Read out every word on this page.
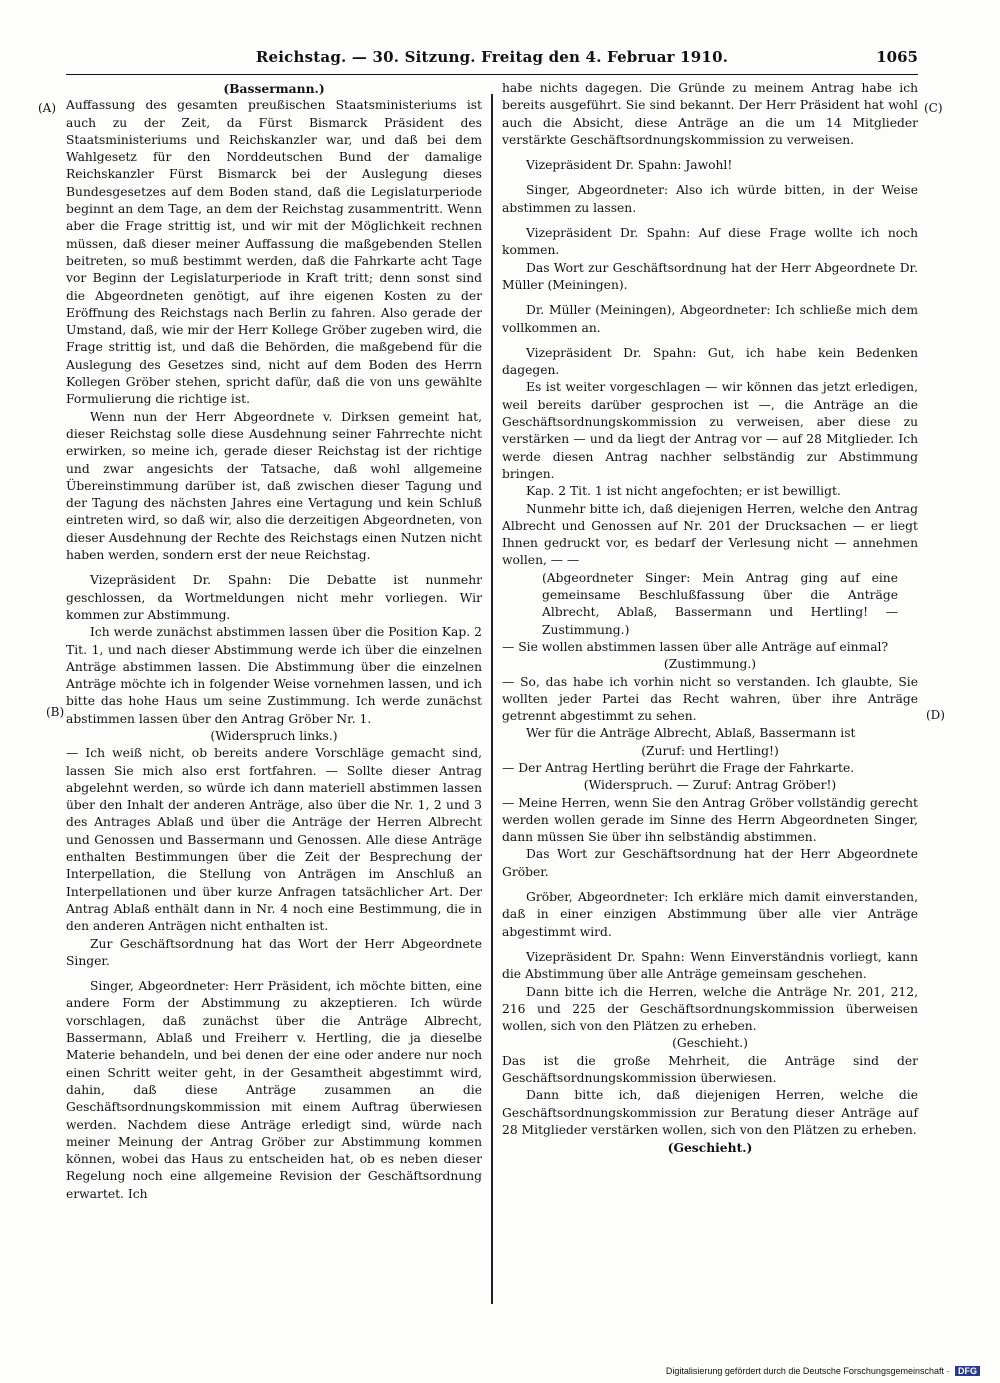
Reichstag. — 30. Sitzung. Freitag den 4. Februar 1910.	1065
(A)
(B)
(C)
(D)

(Bassermann.)

Auffassung des gesamten preußischen Staatsministeriums ist auch zu der Zeit, da Fürst Bismarck Präsident des Staatsministeriums und Reichskanzler war, und daß bei dem Wahlgesetz für den Norddeutschen Bund der damalige Reichskanzler Fürst Bismarck bei der Auslegung dieses Bundesgesetzes auf dem Boden stand, daß die Legislaturperiode beginnt an dem Tage, an dem der Reichstag zusammentritt. Wenn aber die Frage strittig ist, und wir mit der Möglichkeit rechnen müssen, daß dieser meiner Auffassung die maßgebenden Stellen beitreten, so muß bestimmt werden, daß die Fahrkarte acht Tage vor Beginn der Legislaturperiode in Kraft tritt; denn sonst sind die Abgeordneten genötigt, auf ihre eigenen Kosten zu der Eröffnung des Reichstags nach Berlin zu fahren. Also gerade der Umstand, daß, wie mir der Herr Kollege Gröber zugeben wird, die Frage strittig ist, und daß die Behörden, die maßgebend für die Auslegung des Gesetzes sind, nicht auf dem Boden des Herrn Kollegen Gröber stehen, spricht dafür, daß die von uns gewählte Formulierung die richtige ist.

Wenn nun der Herr Abgeordnete v. Dirksen gemeint hat, dieser Reichstag solle diese Ausdehnung seiner Fahrrechte nicht erwirken, so meine ich, gerade dieser Reichstag ist der richtige und zwar angesichts der Tatsache, daß wohl allgemeine Übereinstimmung darüber ist, daß zwischen dieser Tagung und der Tagung des nächsten Jahres eine Vertagung und kein Schluß eintreten wird, so daß wir, also die derzeitigen Abgeordneten, von dieser Ausdehnung der Rechte des Reichstags einen Nutzen nicht haben werden, sondern erst der neue Reichstag.

Vizepräsident Dr. Spahn: Die Debatte ist nunmehr geschlossen, da Wortmeldungen nicht mehr vorliegen. Wir kommen zur Abstimmung.

Ich werde zunächst abstimmen lassen über die Position Kap. 2 Tit. 1, und nach dieser Abstimmung werde ich über die einzelnen Anträge abstimmen lassen. Die Abstimmung über die einzelnen Anträge möchte ich in folgender Weise vornehmen lassen, und ich bitte das hohe Haus um seine Zustimmung. Ich werde zunächst abstimmen lassen über den Antrag Gröber Nr. 1.

(Widerspruch links.)

— Ich weiß nicht, ob bereits andere Vorschläge gemacht sind, lassen Sie mich also erst fortfahren. — Sollte dieser Antrag abgelehnt werden, so würde ich dann materiell abstimmen lassen über den Inhalt der anderen Anträge, also über die Nr. 1, 2 und 3 des Antrages Ablaß und über die Anträge der Herren Albrecht und Genossen und Bassermann und Genossen. Alle diese Anträge enthalten Bestimmungen über die Zeit der Besprechung der Interpellation, die Stellung von Anträgen im Anschluß an Interpellationen und über kurze Anfragen tatsächlicher Art. Der Antrag Ablaß enthält dann in Nr. 4 noch eine Bestimmung, die in den anderen Anträgen nicht enthalten ist.

Zur Geschäftsordnung hat das Wort der Herr Abgeordnete Singer.

Singer, Abgeordneter: Herr Präsident, ich möchte bitten, eine andere Form der Abstimmung zu akzeptieren. Ich würde vorschlagen, daß zunächst über die Anträge Albrecht, Bassermann, Ablaß und Freiherr v. Hertling, die ja dieselbe Materie behandeln, und bei denen der eine oder andere nur noch einen Schritt weiter geht, in der Gesamtheit abgestimmt wird, dahin, daß diese Anträge zusammen an die Geschäftsordnungskommission mit einem Auftrag überwiesen werden. Nachdem diese Anträge erledigt sind, würde nach meiner Meinung der Antrag Gröber zur Abstimmung kommen können, wobei das Haus zu entscheiden hat, ob es neben dieser Regelung noch eine allgemeine Revision der Geschäftsordnung erwartet. Ich

habe nichts dagegen. Die Gründe zu meinem Antrag habe ich bereits ausgeführt. Sie sind bekannt. Der Herr Präsident hat wohl auch die Absicht, diese Anträge an die um 14 Mitglieder verstärkte Geschäftsordnungskommission zu verweisen.

Vizepräsident Dr. Spahn: Jawohl!

Singer, Abgeordneter: Also ich würde bitten, in der Weise abstimmen zu lassen.

Vizepräsident Dr. Spahn: Auf diese Frage wollte ich noch kommen.

Das Wort zur Geschäftsordnung hat der Herr Abgeordnete Dr. Müller (Meiningen).

Dr. Müller (Meiningen), Abgeordneter: Ich schließe mich dem vollkommen an.

Vizepräsident Dr. Spahn: Gut, ich habe kein Bedenken dagegen.

Es ist weiter vorgeschlagen — wir können das jetzt erledigen, weil bereits darüber gesprochen ist —, die Anträge an die Geschäftsordnungskommission zu verweisen, aber diese zu verstärken — und da liegt der Antrag vor — auf 28 Mitglieder. Ich werde diesen Antrag nachher selbständig zur Abstimmung bringen.

Kap. 2 Tit. 1 ist nicht angefochten; er ist bewilligt.

Nunmehr bitte ich, daß diejenigen Herren, welche den Antrag Albrecht und Genossen auf Nr. 201 der Drucksachen — er liegt Ihnen gedruckt vor, es bedarf der Verlesung nicht — annehmen wollen, — —

(Abgeordneter Singer: Mein Antrag ging auf eine gemeinsame Beschlußfassung über die Anträge Albrecht, Ablaß, Bassermann und Hertling! — Zustimmung.)

— Sie wollen abstimmen lassen über alle Anträge auf einmal?

(Zustimmung.)

— So, das habe ich vorhin nicht so verstanden. Ich glaubte, Sie wollten jeder Partei das Recht wahren, über ihre Anträge getrennt abgestimmt zu sehen.

Wer für die Anträge Albrecht, Ablaß, Bassermann ist

(Zuruf: und Hertling!)

— Der Antrag Hertling berührt die Frage der Fahrkarte.

(Widerspruch. — Zuruf: Antrag Gröber!)

— Meine Herren, wenn Sie den Antrag Gröber vollständig gerecht werden wollen gerade im Sinne des Herrn Abgeordneten Singer, dann müssen Sie über ihn selbständig abstimmen.

Das Wort zur Geschäftsordnung hat der Herr Abgeordnete Gröber.

Gröber, Abgeordneter: Ich erkläre mich damit einverstanden, daß in einer einzigen Abstimmung über alle vier Anträge abgestimmt wird.

Vizepräsident Dr. Spahn: Wenn Einverständnis vorliegt, kann die Abstimmung über alle Anträge gemeinsam geschehen.

Dann bitte ich die Herren, welche die Anträge Nr. 201, 212, 216 und 225 der Geschäftsordnungskommission überweisen wollen, sich von den Plätzen zu erheben.

(Geschieht.)

Das ist die große Mehrheit, die Anträge sind der Geschäftsordnungskommission überwiesen.

Dann bitte ich, daß diejenigen Herren, welche die Geschäftsordnungskommission zur Beratung dieser Anträge auf 28 Mitglieder verstärken wollen, sich von den Plätzen zu erheben.

(Geschieht.)

Digitalisierung gefördert durch die Deutsche Forschungsgemeinschaft · DFG
